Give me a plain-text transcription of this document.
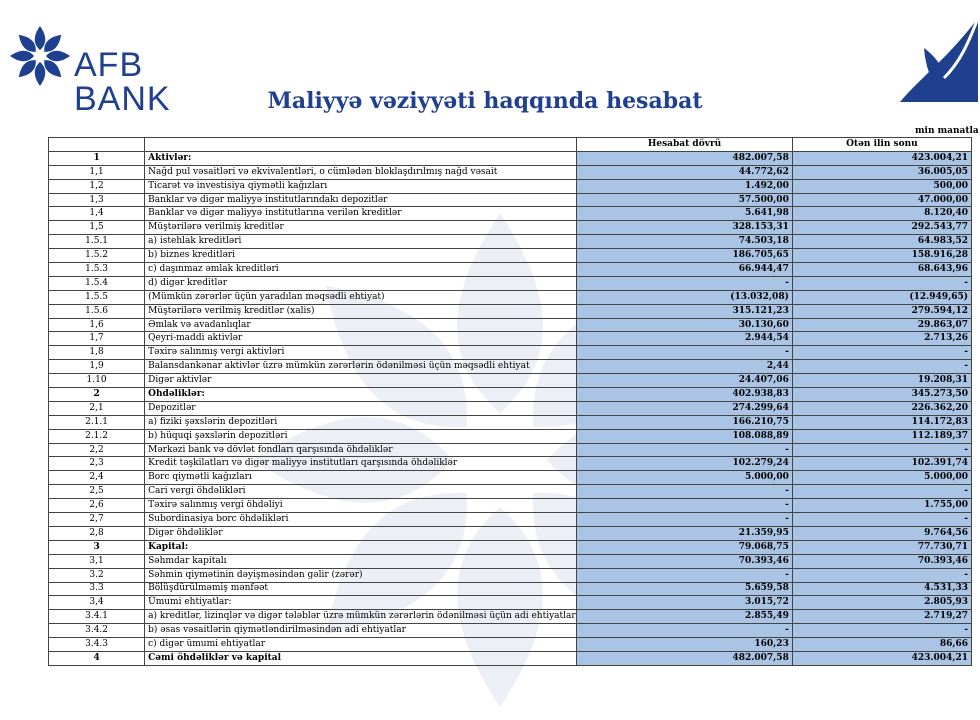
AFB BANK	Maliyyə vəziyyəti haqqında hesabat
min manatla
		Hesabat dövrü	Ötən ilin sonu
1	Aktivlər:	482.007,58	423.004,21
1,1	Nağd pul vəsaitləri və ekvivalentləri, o cümlədən bloklaşdırılmış nağd vəsait	44.772,62	36.005,05
1,2	Ticarət və investisiya qiymətli kağızları	1.492,00	500,00
1,3	Banklar və digər maliyyə institutlarındakı depozitlər	57.500,00	47.000,00
1,4	Banklar və digər maliyyə institutlarına verilən kreditlər	5.641,98	8.120,40
1,5	Müştərilərə verilmiş kreditlər	328.153,31	292.543,77
1.5.1	a) istehlak kreditləri	74.503,18	64.983,52
1.5.2	b) biznes kreditləri	186.705,65	158.916,28
1.5.3	c) daşınmaz əmlak kreditləri	66.944,47	68.643,96
1.5.4	d) digər kreditlər	-	-
1.5.5	(Mümkün zərərlər üçün yaradılan məqsədli ehtiyat)	(13.032,08)	(12.949,65)
1.5.6	Müştərilərə verilmiş kreditlər (xalis)	315.121,23	279.594,12
1,6	Əmlak və avadanlıqlar	30.130,60	29.863,07
1,7	Qeyri-maddi aktivlər	2.944,54	2.713,26
1,8	Təxirə salınmış vergi aktivləri	-	-
1,9	Balansdankənar aktivlər üzrə mümkün zərərlərin ödənilməsi üçün məqsədli ehtiyat	2,44	-
1.10	Digər aktivlər	24.407,06	19.208,31
2	Öhdəliklər:	402.938,83	345.273,50
2,1	Depozitlər	274.299,64	226.362,20
2.1.1	a) fiziki şəxslərin depozitləri	166.210,75	114.172,83
2.1.2	b) hüquqi şəxslərin depozitləri	108.088,89	112.189,37
2,2	Mərkəzi bank və dövlət fondları qarşısında öhdəliklər	-	-
2,3	Kredit təşkilatları və digər maliyyə institutları qarşısında öhdəliklər	102.279,24	102.391,74
2,4	Borc qiymətli kağızları	5.000,00	5.000,00
2,5	Cari vergi öhdəlikləri	-	-
2,6	Təxirə salınmış vergi öhdəliyi	-	1.755,00
2,7	Subordinasiya borc öhdəlikləri	-	-
2,8	Digər öhdəliklər	21.359,95	9.764,56
3	Kapital:	79.068,75	77.730,71
3,1	Səhmdar kapitalı	70.393,46	70.393,46
3.2	Səhmin qiymətinin dəyişməsindən gəlir (zərər)	-	-
3.3	Bölüşdürülməmiş mənfəət	5.659,58	4.531,33
3,4	Ümumi ehtiyatlar:	3.015,72	2.805,93
3.4.1	a) kreditlər, lizinqlər və digər tələblər üzrə mümkün zərərlərin ödənilməsi üçün adi ehtiyatlar	2.855,49	2.719,27
3.4.2	b) əsas vəsaitlərin qiymətləndirilməsindən adi ehtiyatlar	-	-
3.4.3	c) digər ümumi ehtiyatlar	160,23	86,66
4	Cəmi öhdəliklər və kapital	482.007,58	423.004,21
